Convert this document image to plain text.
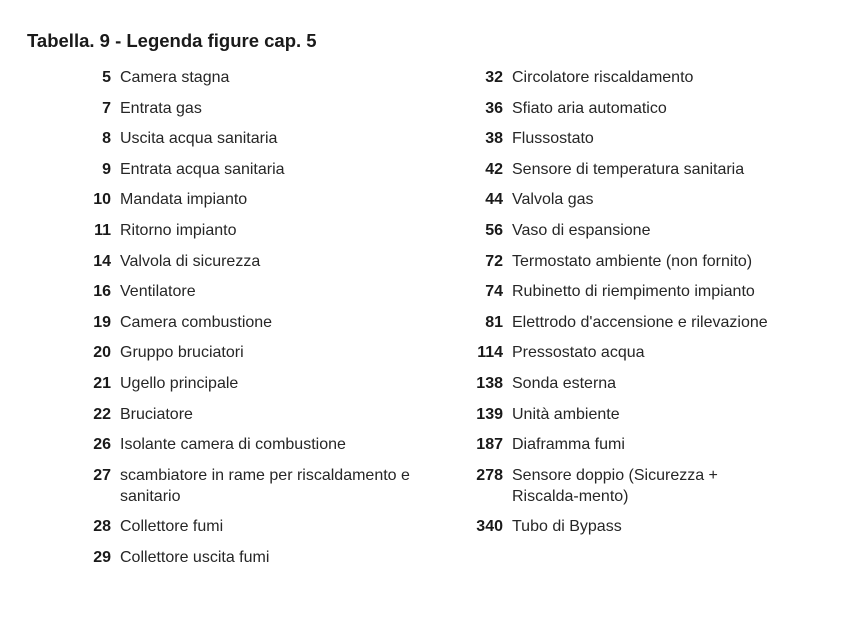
Tabella. 9 - Legenda figure cap. 5
5 Camera stagna
7 Entrata gas
8 Uscita acqua sanitaria
9 Entrata acqua sanitaria
10 Mandata impianto
11 Ritorno impianto
14 Valvola di sicurezza
16 Ventilatore
19 Camera combustione
20 Gruppo bruciatori
21 Ugello principale
22 Bruciatore
26 Isolante camera di combustione
27 scambiatore in rame per riscaldamento e sanitario
28 Collettore fumi
29 Collettore uscita fumi
32 Circolatore riscaldamento
36 Sfiato aria automatico
38 Flussostato
42 Sensore di temperatura sanitaria
44 Valvola gas
56 Vaso di espansione
72 Termostato ambiente (non fornito)
74 Rubinetto di riempimento impianto
81 Elettrodo d'accensione e rilevazione
114 Pressostato acqua
138 Sonda esterna
139 Unità ambiente
187 Diaframma fumi
278 Sensore doppio (Sicurezza + Riscalda-mento)
340 Tubo di Bypass
